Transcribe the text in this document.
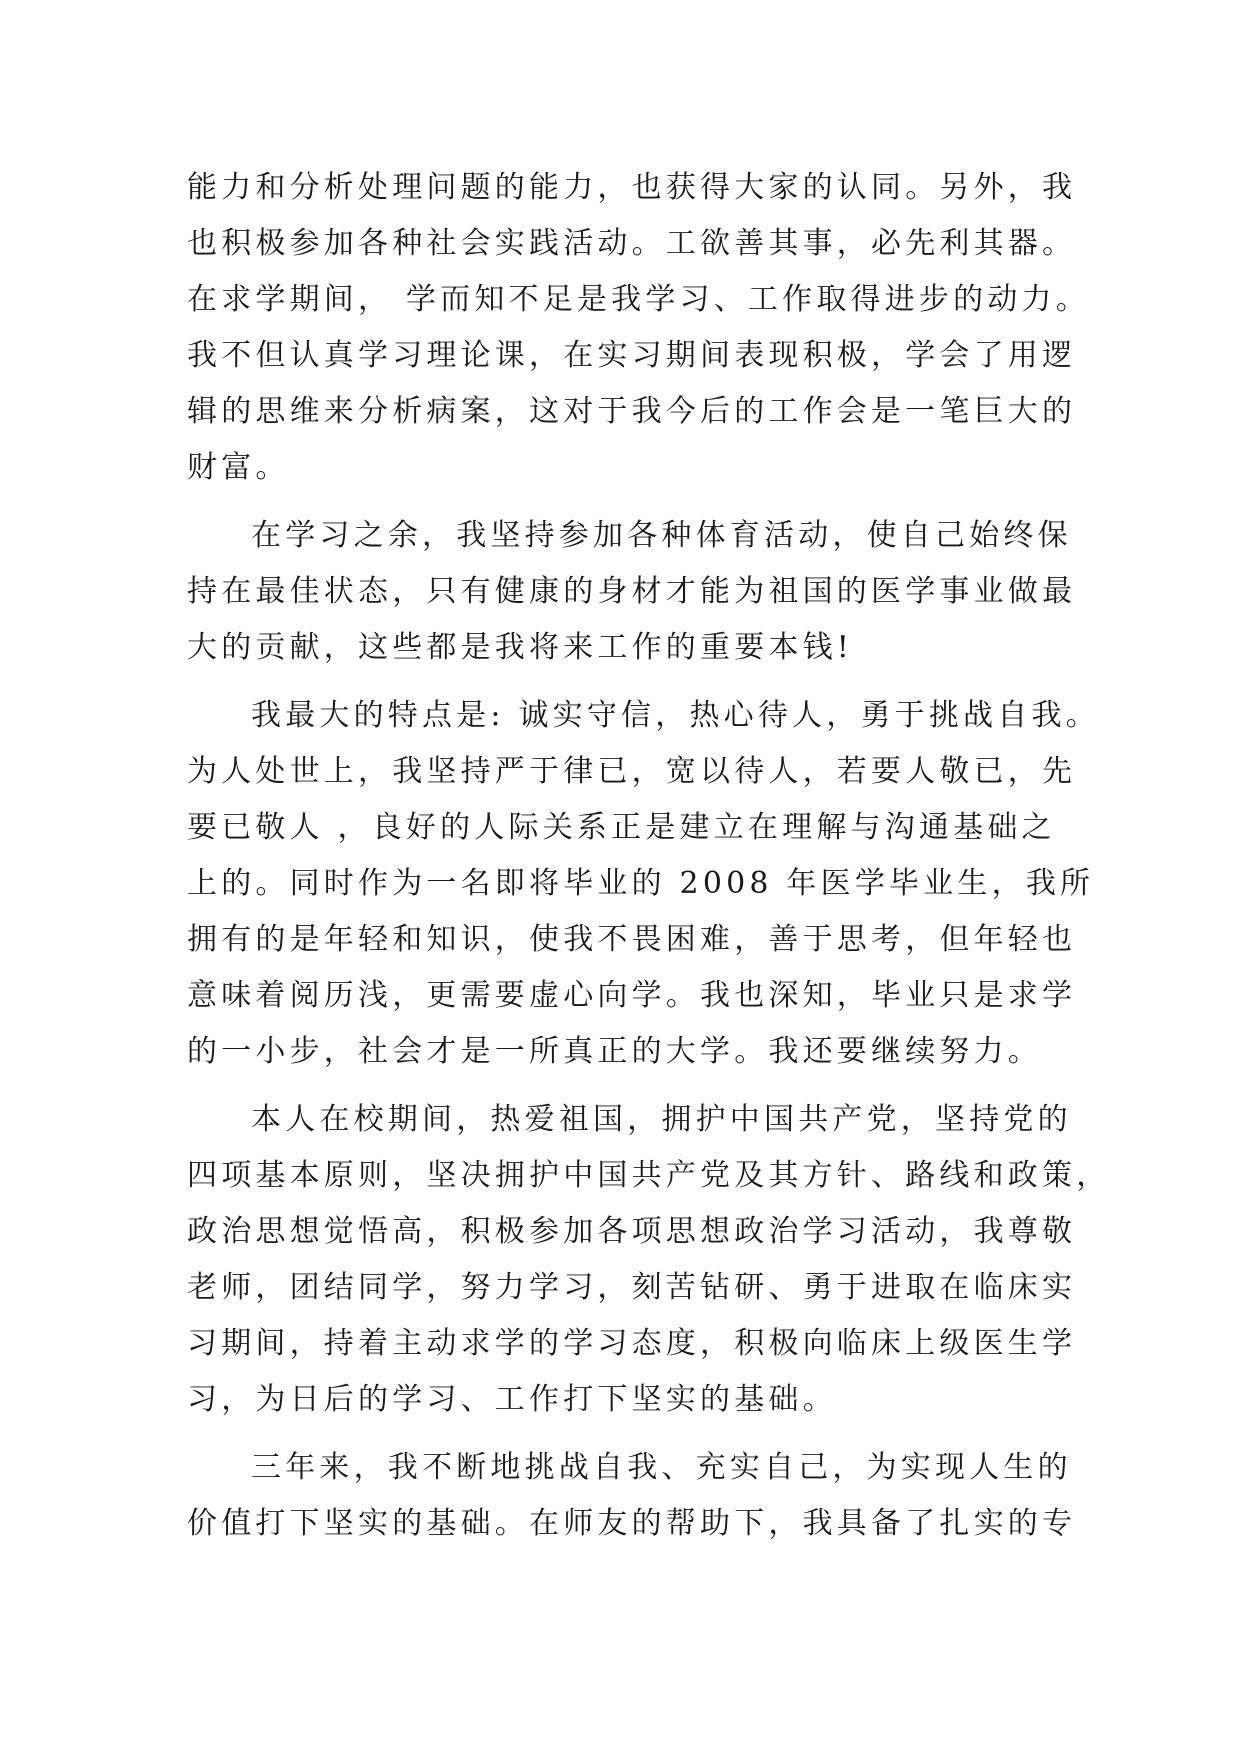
能力和分析处理问题的能力，也获得大家的认同。另外，我
也积极参加各种社会实践活动。工欲善其事，必先利其器。
在求学期间， 学而知不足是我学习、工作取得进步的动力。
我不但认真学习理论课，在实习期间表现积极，学会了用逻
辑的思维来分析病案，这对于我今后的工作会是一笔巨大的
财富。
在学习之余，我坚持参加各种体育活动，使自己始终保
持在最佳状态，只有健康的身材才能为祖国的医学事业做最
大的贡献，这些都是我将来工作的重要本钱!
我最大的特点是: 诚实守信，热心待人，勇于挑战自我。
为人处世上，我坚持严于律已，宽以待人，若要人敬已，先
要已敬人 ，良好的人际关系正是建立在理解与沟通基础之
上的。同时作为一名即将毕业的 2008 年医学毕业生，我所
拥有的是年轻和知识，使我不畏困难，善于思考，但年轻也
意味着阅历浅，更需要虚心向学。我也深知，毕业只是求学
的一小步，社会才是一所真正的大学。我还要继续努力。
本人在校期间，热爱祖国，拥护中国共产党，坚持党的
四项基本原则，坚决拥护中国共产党及其方针、路线和政策，
政治思想觉悟高，积极参加各项思想政治学习活动，我尊敬
老师，团结同学，努力学习，刻苦钻研、勇于进取在临床实
习期间，持着主动求学的学习态度，积极向临床上级医生学
习，为日后的学习、工作打下坚实的基础。
三年来，我不断地挑战自我、充实自己，为实现人生的
价值打下坚实的基础。在师友的帮助下，我具备了扎实的专
